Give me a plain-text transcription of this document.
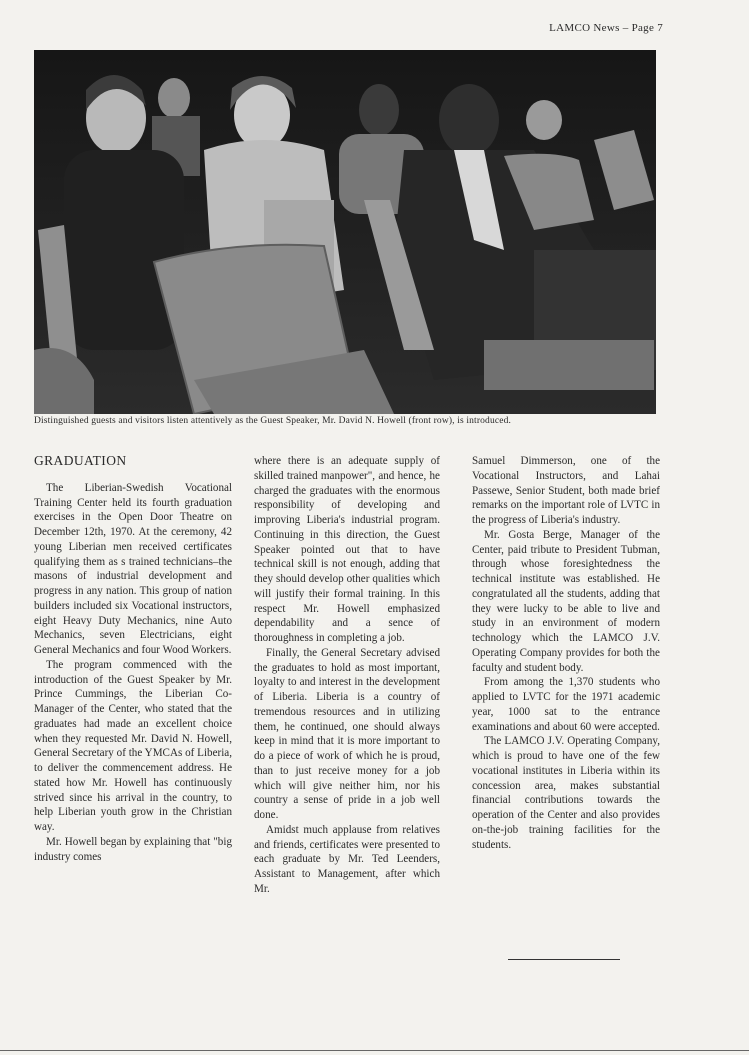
LAMCO News – Page 7
Distinguished guests and visitors listen attentively as the Guest Speaker, Mr. David N. Howell (front row), is introduced.
GRADUATION

The Liberian-Swedish Vocational Training Center held its fourth graduation exercises in the Open Door Theatre on December 12th, 1970. At the ceremony, 42 young Liberian men received certificates qualifying them as s trained technicians–the masons of industrial development and progress in any nation. This group of nation builders included six Vocational instructors, eight Heavy Duty Mechanics, nine Auto Mechanics, seven Electricians, eight General Mechanics and four Wood Workers.

The program commenced with the introduction of the Guest Speaker by Mr. Prince Cummings, the Liberian Co-Manager of the Center, who stated that the graduates had made an excellent choice when they requested Mr. David N. Howell, General Secretary of the YMCAs of Liberia, to deliver the commencement address. He stated how Mr. Howell has continuously strived since his arrival in the country, to help Liberian youth grow in the Christian way.

Mr. Howell began by explaining that "big industry comes

where there is an adequate supply of skilled trained manpower", and hence, he charged the graduates with the enormous responsibility of developing and improving Liberia's industrial program. Continuing in this direction, the Guest Speaker pointed out that to have technical skill is not enough, adding that they should develop other qualities which will justify their formal training. In this respect Mr. Howell emphasized dependability and a sence of thoroughness in completing a job.

Finally, the General Secretary advised the graduates to hold as most important, loyalty to and interest in the development of Liberia. Liberia is a country of tremendous resources and in utilizing them, he continued, one should always keep in mind that it is more important to do a piece of work of which he is proud, than to just receive money for a job which will give neither him, nor his country a sense of pride in a job well done.

Amidst much applause from relatives and friends, certificates were presented to each graduate by Mr. Ted Leenders, Assistant to Management, after which Mr.

Samuel Dimmerson, one of the Vocational Instructors, and Lahai Passewe, Senior Student, both made brief remarks on the important role of LVTC in the progress of Liberia's industry.

Mr. Gosta Berge, Manager of the Center, paid tribute to President Tubman, through whose foresightedness the technical institute was established. He congratulated all the students, adding that they were lucky to be able to live and study in an environment of modern technology which the LAMCO J.V. Operating Company provides for both the faculty and student body.

From among the 1,370 students who applied to LVTC for the 1971 academic year, 1000 sat to the entrance examinations and about 60 were accepted.

The LAMCO J.V. Operating Company, which is proud to have one of the few vocational institutes in Liberia within its concession area, makes substantial financial contributions towards the operation of the Center and also provides on-the-job training facilities for the students.
